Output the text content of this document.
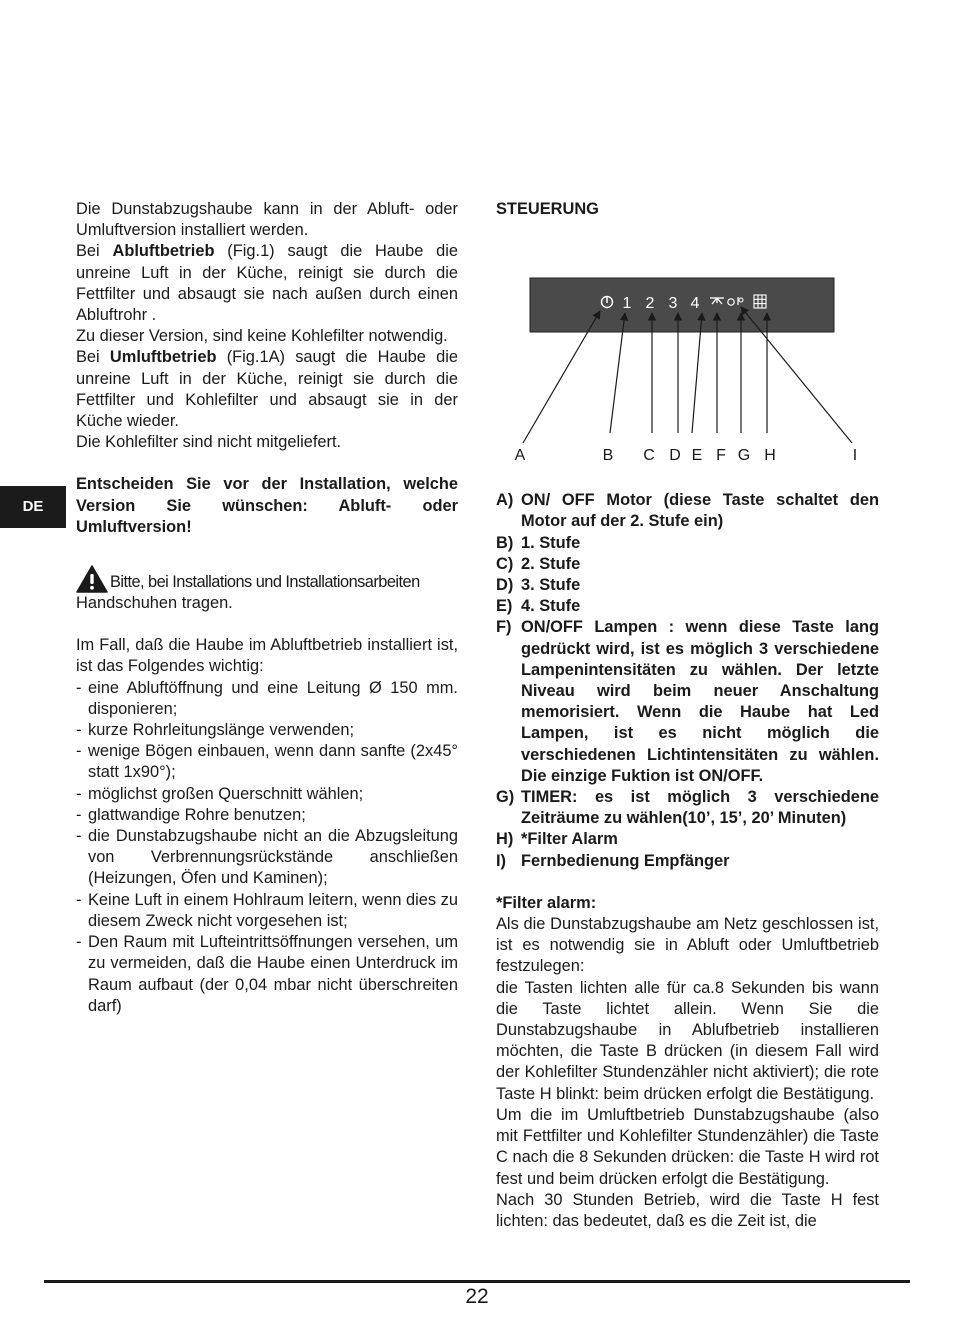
DE

Die Dunstabzugshaube kann in der Abluft- oder Umluftversion installiert werden.

Bei Abluftbetrieb (Fig.1) saugt die Haube die unreine Luft in der Küche, reinigt sie durch die Fettfilter und absaugt sie nach außen durch einen Abluftrohr .

Zu dieser Version, sind keine Kohlefilter notwendig.

Bei Umluftbetrieb (Fig.1A) saugt die Haube die unreine Luft in der Küche, reinigt sie durch die Fettfilter und Kohlefilter und absaugt sie in der Küche wieder.

Die Kohlefilter sind nicht mitgeliefert.

Entscheiden Sie vor der Installation, welche Version Sie wünschen: Abluft- oder Umluftversion!

Bitte, bei Installations und Installationsarbeiten

Handschuhen tragen.

Im Fall, daß die Haube im Abluftbetrieb installiert ist, ist das Folgendes wichtig:

- eine Abluftöffnung und eine Leitung Ø 150 mm. disponieren;
- kurze Rohrleitungslänge verwenden;
- wenige Bögen einbauen, wenn dann sanfte (2x45° statt 1x90°);
- möglichst großen Querschnitt wählen;
- glattwandige Rohre benutzen;
- die Dunstabzugshaube nicht an die Abzugsleitung von Verbrennungsrückstände anschließen (Heizungen, Öfen und Kaminen);
- Keine Luft in einem Hohlraum leitern, wenn dies zu diesem Zweck nicht vorgesehen ist;
- Den Raum mit Lufteintrittsöffnungen versehen, um zu vermeiden, daß die Haube einen Unterdruck im Raum aufbaut (der 0,04 mbar nicht überschreiten darf)

STEUERUNG

1 2 3 4
A	B C D E F G H	I
A) ON/ OFF Motor (diese Taste schaltet den Motor auf der 2. Stufe ein)
B) 1. Stufe
C) 2. Stufe
D) 3. Stufe
E) 4. Stufe
F) ON/OFF Lampen : wenn diese Taste lang gedrückt wird, ist es möglich 3 verschiedene Lampenintensitäten zu wählen. Der letzte Niveau wird beim neuer Anschaltung memorisiert. Wenn die Haube hat Led Lampen, ist es nicht möglich die verschiedenen Lichtintensitäten zu wählen. Die einzige Fuktion ist ON/OFF.
G) TIMER: es ist möglich 3 verschiedene Zeiträume zu wählen(10’, 15’, 20’ Minuten)
H) *Filter Alarm
I) Fernbedienung Empfänger

*Filter alarm:

Als die Dunstabzugshaube am Netz geschlossen ist, ist es notwendig sie in Abluft oder Umluftbetrieb festzulegen:

die Tasten lichten alle für ca.8 Sekunden bis wann die Taste lichtet allein. Wenn Sie die Dunstabzugshaube in Ablufbetrieb installieren möchten, die Taste B drücken (in diesem Fall wird der Kohlefilter Stundenzähler nicht aktiviert); die rote Taste H blinkt: beim drücken erfolgt die Bestätigung.

Um die im Umluftbetrieb Dunstabzugshaube (also mit Fettfilter und Kohlefilter Stundenzähler) die Taste C nach die 8 Sekunden drücken: die Taste H wird rot fest und beim drücken erfolgt die Bestätigung.

Nach 30 Stunden Betrieb, wird die Taste H fest lichten: das bedeutet, daß es die Zeit ist, die

22
